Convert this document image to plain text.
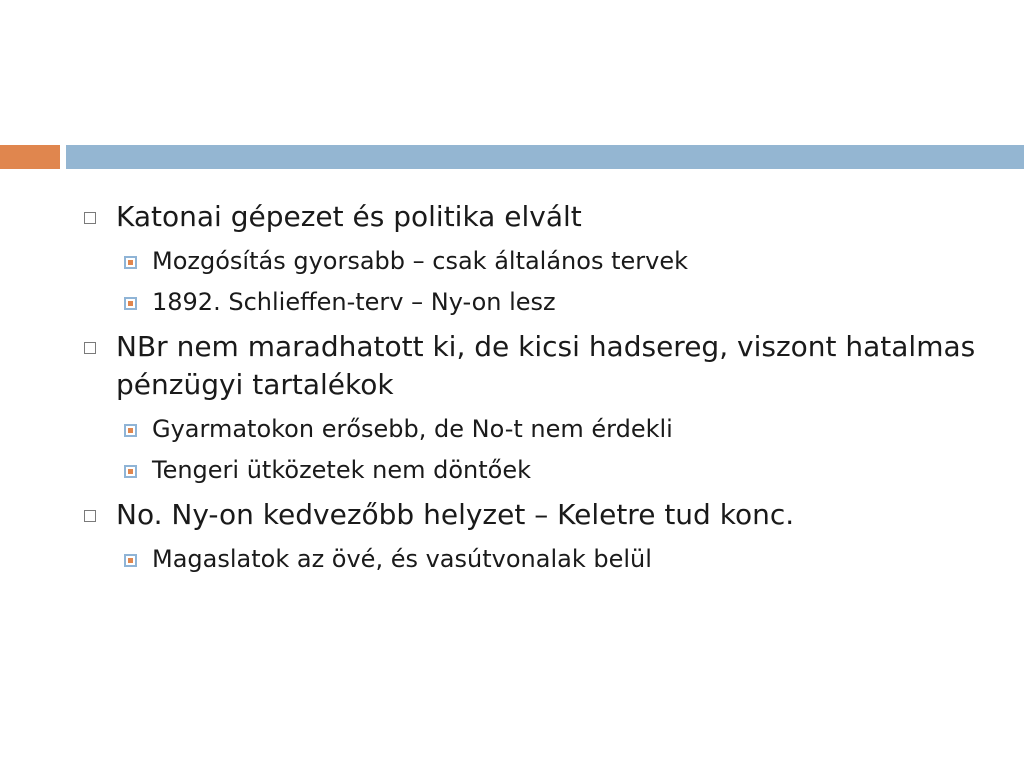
Katonai gépezet és politika elvált
Mozgósítás gyorsabb – csak általános tervek
1892. Schlieffen-terv – Ny-on lesz
NBr nem maradhatott ki, de kicsi hadsereg, viszont hatalmas pénzügyi tartalékok
Gyarmatokon erősebb, de No-t nem érdekli
Tengeri ütközetek nem döntőek
No. Ny-on kedvezőbb helyzet – Keletre tud konc.
Magaslatok az övé, és vasútvonalak belül
